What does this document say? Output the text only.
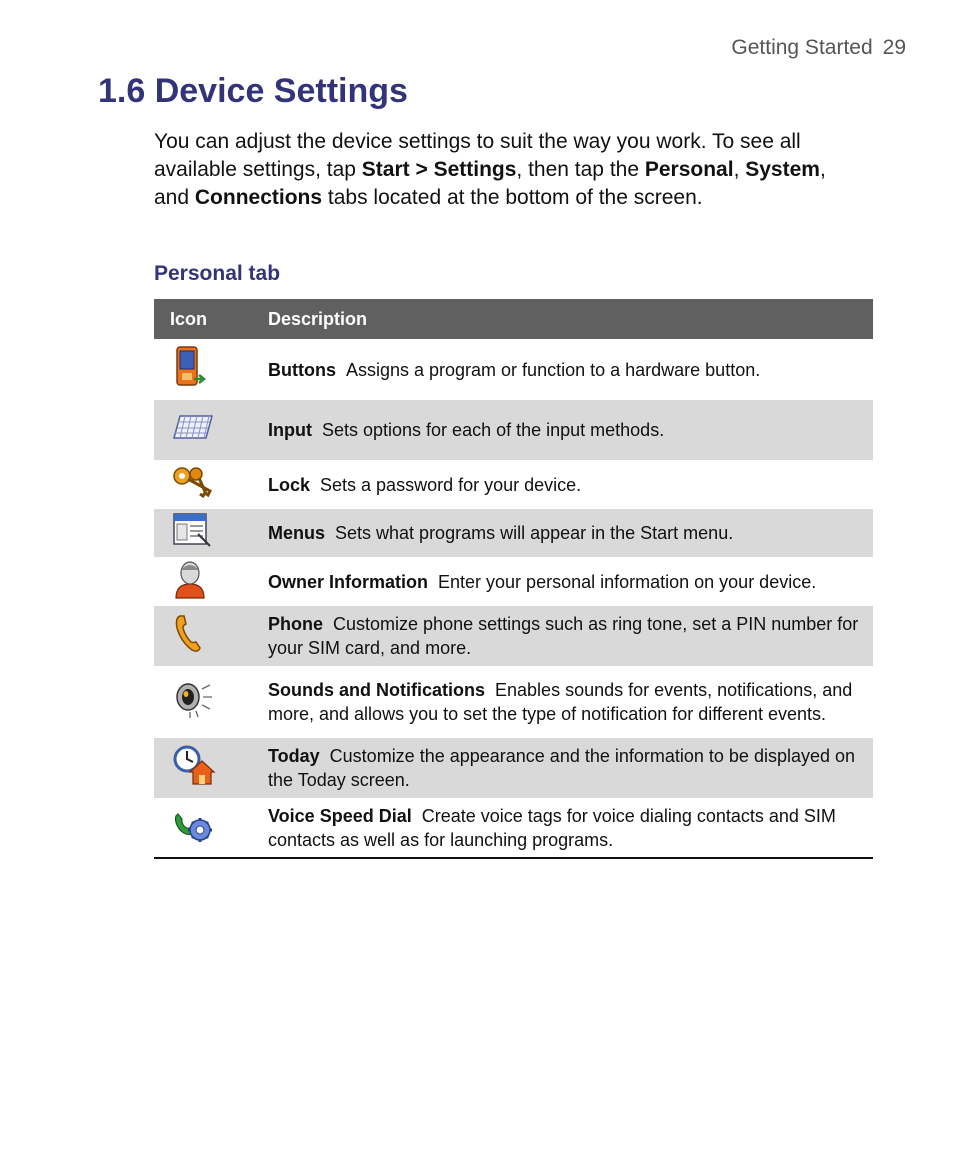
Getting Started 29
1.6 Device Settings

You can adjust the device settings to suit the way you work. To see all available settings, tap Start > Settings, then tap the Personal, System, and Connections tabs located at the bottom of the screen.

Personal tab
Icon	Description
	Buttons Assigns a program or function to a hardware button.
	Input Sets options for each of the input methods.
	Lock Sets a password for your device.
	Menus Sets what programs will appear in the Start menu.
	Owner Information Enter your personal information on your device.
	Phone Customize phone settings such as ring tone, set a PIN number for your SIM card, and more.
	Sounds and Notifications Enables sounds for events, notifications, and more, and allows you to set the type of notification for different events.
	Today Customize the appearance and the information to be displayed on the Today screen.
	Voice Speed Dial Create voice tags for voice dialing contacts and SIM contacts as well as for launching programs.
